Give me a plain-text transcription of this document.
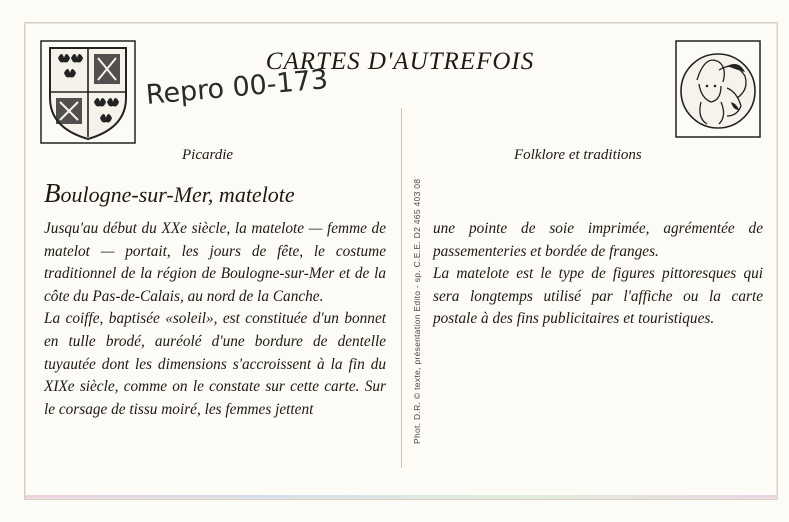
CARTES D'AUTREFOIS
Repro 00-173
Picardie	Folklore et traditions
Boulogne-sur-Mer, matelote

Jusqu'au début du XXe siècle, la matelote — femme de matelot — portait, les jours de fête, le costume traditionnel de la région de Boulogne-sur-Mer et de la côte du Pas-de-Calais, au nord de la Canche.

La coiffe, baptisée «soleil», est constituée d'un bonnet en tulle brodé, auréolé d'une bordure de dentelle tuyautée dont les dimensions s'accroissent à la fin du XIXe siècle, comme on le constate sur cette carte. Sur le corsage de tissu moiré, les femmes jettent	Phot. D.R. © texte, présentation Edito - sp. C.E.E. D2 465 403 08 une pointe de soie imprimée, agrémentée de passementeries et bordée de franges.

La matelote est le type de figures pittoresques qui sera longtemps utilisé par l'affiche ou la carte postale à des fins publicitaires et touristiques.
